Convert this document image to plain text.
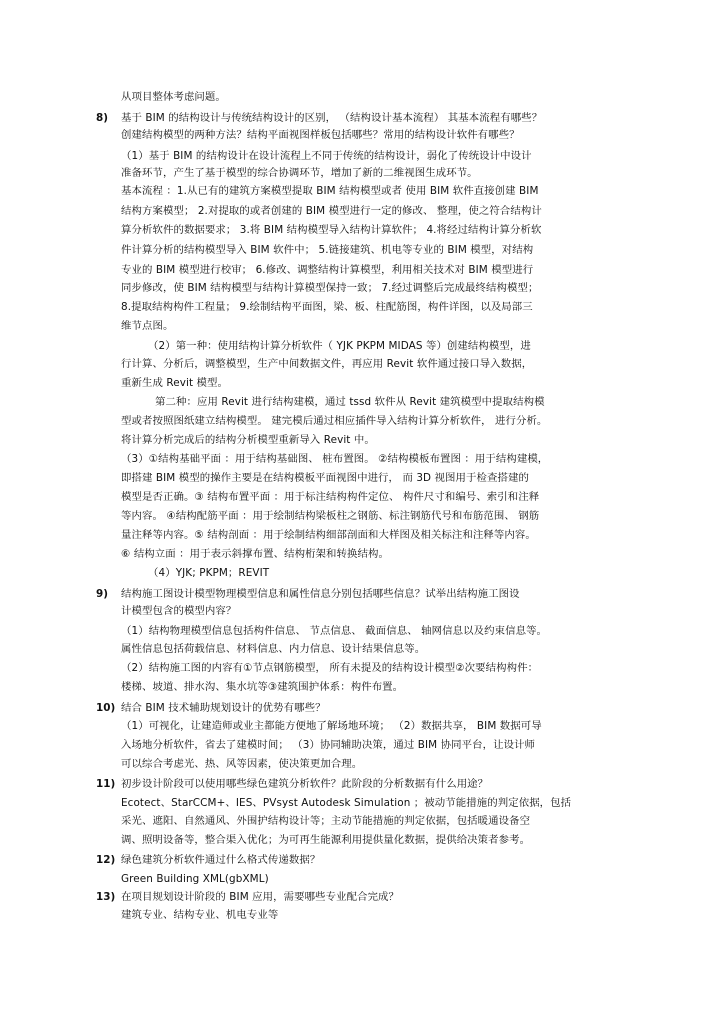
从项目整体考虑问题。
8) 基于 BIM 的结构设计与传统结构设计的区别， （结构设计基本流程） 其基本流程有哪些？
创建结构模型的两种方法？结构平面视图样板包括哪些？常用的结构设计软件有哪些？
（1）基于 BIM 的结构设计在设计流程上不同于传统的结构设计，弱化了传统设计中设计
准备环节，产生了基于模型的综合协调环节，增加了新的二维视图生成环节。
基本流程 ：1.从已有的建筑方案模型提取 BIM 结构模型或者 使用 BIM 软件直接创建 BIM
结构方案模型； 2.对提取的或者创建的 BIM 模型进行一定的修改、 整理，使之符合结构计
算分析软件的数据要求； 3.将 BIM 结构模型导入结构计算软件； 4.将经过结构计算分析软
件计算分析的结构模型导入 BIM 软件中； 5.链接建筑、机电等专业的 BIM 模型，对结构
专业的 BIM 模型进行校审； 6.修改、调整结构计算模型，利用相关技术对 BIM 模型进行
同步修改，使 BIM 结构模型与结构计算模型保持一致； 7.经过调整后完成最终结构模型；
8.提取结构构件工程量； 9.绘制结构平面图，梁、板、柱配筋图，构件详图，以及局部三
维节点图。
（2）第一种：使用结构计算分析软件（ YJK PKPM MIDAS 等）创建结构模型，进
行计算、分析后，调整模型，生产中间数据文件，再应用 Revit 软件通过接口导入数据，
重新生成 Revit 模型。
第二种：应用 Revit 进行结构建模，通过 tssd 软件从 Revit 建筑模型中提取结构模
型或者按照图纸建立结构模型。 建完模后通过相应插件导入结构计算分析软件， 进行分析。
将计算分析完成后的结构分析模型重新导入 Revit 中。
（3）①结构基础平面 ：用于结构基础图、 桩布置图。 ②结构模板布置图 ：用于结构建模，
即搭建 BIM 模型的操作主要是在结构模板平面视图中进行， 而 3D 视图用于检查搭建的
模型是否正确。③ 结构布置平面 ：用于标注结构构件定位、 构件尺寸和编号、索引和注释
等内容。 ④结构配筋平面 ：用于绘制结构梁板柱之钢筋、标注钢筋代号和布筋范围、 钢筋
量注释等内容。⑤ 结构剖面 ：用于绘制结构细部剖面和大样图及相关标注和注释等内容。
⑥ 结构立面 ：用于表示斜撑布置、结构桁架和转换结构。
（4）YJK; PKPM；REVIT
9) 结构施工图设计模型物理模型信息和属性信息分别包括哪些信息？试举出结构施工图设
计模型包含的模型内容？
（1）结构物理模型信息包括构件信息、 节点信息、 截面信息、 轴网信息以及约束信息等。
属性信息包括荷载信息、材料信息、内力信息、设计结果信息等。
（2）结构施工图的内容有①节点钢筋模型， 所有未提及的结构设计模型②次要结构构件：
楼梯、坡道、排水沟、集水坑等③建筑围护体系：构件布置。
10) 结合 BIM 技术辅助规划设计的优势有哪些？
（1）可视化，让建造师或业主都能方便地了解场地环境； （2）数据共享， BIM 数据可导
入场地分析软件，省去了建模时间； （3）协同辅助决策，通过 BIM 协同平台，让设计师
可以综合考虑光、热、风等因素，使决策更加合理。
11) 初步设计阶段可以使用哪些绿色建筑分析软件？此阶段的分析数据有什么用途？
Ecotect、StarCCM+、IES、PVsyst Autodesk Simulation ；被动节能措施的判定依据，包括
采光、遮阳、自然通风、外围护结构设计等；主动节能措施的判定依据，包括暖通设备空
调、照明设备等，整合渠入优化；为可再生能源利用提供量化数据，提供给决策者参考。
12) 绿色建筑分析软件通过什么格式传递数据？
Green Building XML(gbXML)
13) 在项目规划设计阶段的 BIM 应用，需要哪些专业配合完成？
建筑专业、结构专业、机电专业等
